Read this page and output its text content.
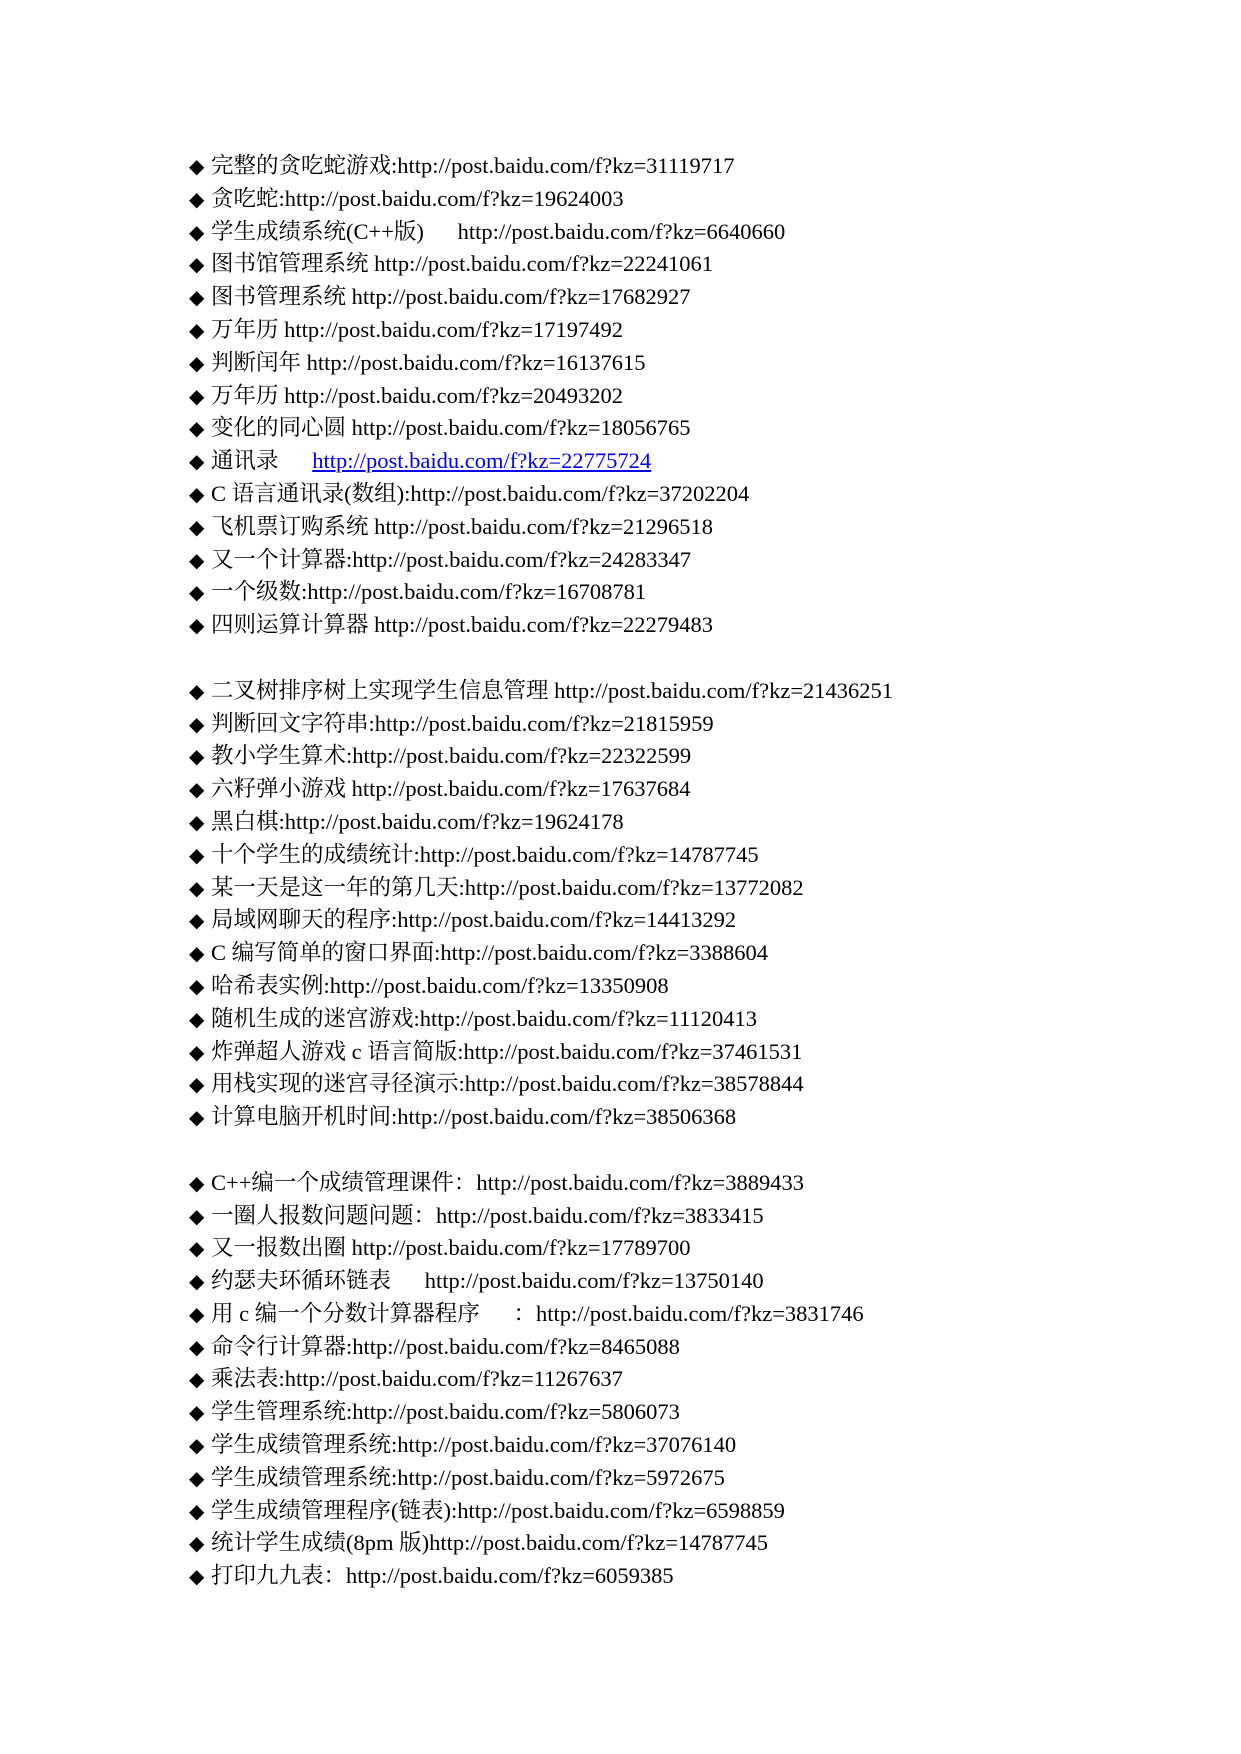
◆ 完整的贪吃蛇游戏:http://post.baidu.com/f?kz=31119717
◆ 贪吃蛇:http://post.baidu.com/f?kz=19624003
◆ 学生成绩系统(C++版) http://post.baidu.com/f?kz=6640660
◆ 图书馆管理系统 http://post.baidu.com/f?kz=22241061
◆ 图书管理系统 http://post.baidu.com/f?kz=17682927
◆ 万年历 http://post.baidu.com/f?kz=17197492
◆ 判断闰年 http://post.baidu.com/f?kz=16137615
◆ 万年历 http://post.baidu.com/f?kz=20493202
◆ 变化的同心圆 http://post.baidu.com/f?kz=18056765
◆ 通讯录 http://post.baidu.com/f?kz=22775724
◆ C 语言通讯录(数组):http://post.baidu.com/f?kz=37202204
◆ 飞机票订购系统 http://post.baidu.com/f?kz=21296518
◆ 又一个计算器:http://post.baidu.com/f?kz=24283347
◆ 一个级数:http://post.baidu.com/f?kz=16708781
◆ 四则运算计算器 http://post.baidu.com/f?kz=22279483
◆ 二叉树排序树上实现学生信息管理 http://post.baidu.com/f?kz=21436251
◆ 判断回文字符串:http://post.baidu.com/f?kz=21815959
◆ 教小学生算术:http://post.baidu.com/f?kz=22322599
◆ 六籽弹小游戏 http://post.baidu.com/f?kz=17637684
◆ 黑白棋:http://post.baidu.com/f?kz=19624178
◆ 十个学生的成绩统计:http://post.baidu.com/f?kz=14787745
◆ 某一天是这一年的第几天:http://post.baidu.com/f?kz=13772082
◆ 局域网聊天的程序:http://post.baidu.com/f?kz=14413292
◆ C 编写简单的窗口界面:http://post.baidu.com/f?kz=3388604
◆ 哈希表实例:http://post.baidu.com/f?kz=13350908
◆ 随机生成的迷宫游戏:http://post.baidu.com/f?kz=11120413
◆ 炸弹超人游戏 c 语言简版:http://post.baidu.com/f?kz=37461531
◆ 用栈实现的迷宫寻径演示:http://post.baidu.com/f?kz=38578844
◆ 计算电脑开机时间:http://post.baidu.com/f?kz=38506368
◆ C++编一个成绩管理课件：http://post.baidu.com/f?kz=3889433
◆ 一圈人报数问题问题：http://post.baidu.com/f?kz=3833415
◆ 又一报数出圈 http://post.baidu.com/f?kz=17789700
◆ 约瑟夫环循环链表 http://post.baidu.com/f?kz=13750140
◆ 用 c 编一个分数计算器程序      ：http://post.baidu.com/f?kz=3831746
◆ 命令行计算器:http://post.baidu.com/f?kz=8465088
◆ 乘法表:http://post.baidu.com/f?kz=11267637
◆ 学生管理系统:http://post.baidu.com/f?kz=5806073
◆ 学生成绩管理系统:http://post.baidu.com/f?kz=37076140
◆ 学生成绩管理系统:http://post.baidu.com/f?kz=5972675
◆ 学生成绩管理程序(链表):http://post.baidu.com/f?kz=6598859
◆ 统计学生成绩(8pm 版)http://post.baidu.com/f?kz=14787745
◆ 打印九九表：http://post.baidu.com/f?kz=6059385
